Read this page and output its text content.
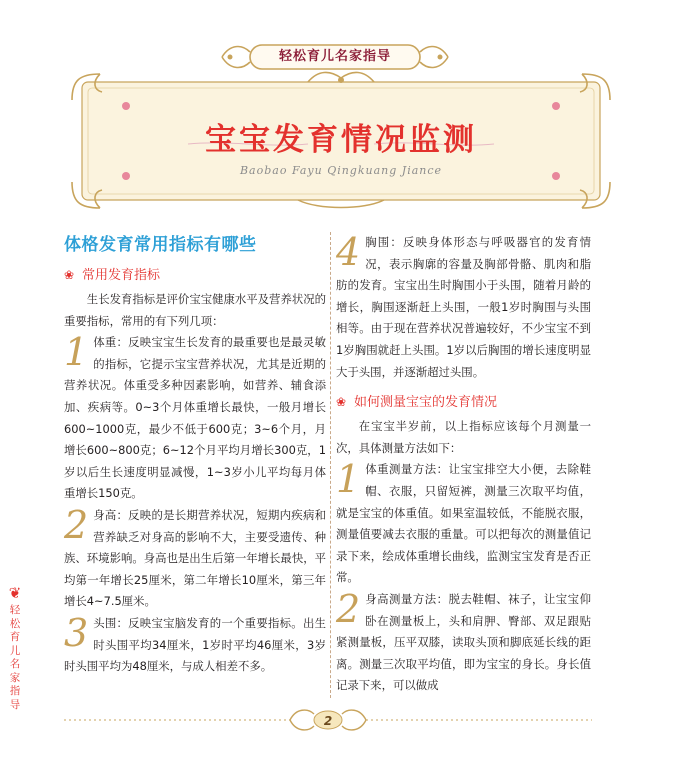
轻松育儿名家指导
宝宝发育情况监测
Baobao Fayu Qingkuang Jiance
体格发育常用指标有哪些
❀ 常用发育指标

生长发育指标是评价宝宝健康水平及营养状况的重要指标，常用的有下列几项：

1 体重：反映宝宝生长发育的最重要也是最灵敏的指标，它提示宝宝营养状况，尤其是近期的营养状况。体重受多种因素影响，如营养、辅食添加、疾病等。0~3个月体重增长最快，一般月增长600~1000克，最少不低于600克；3~6个月，月增长600~800克；6~12个月平均月增长300克，1岁以后生长速度明显减慢，1~3岁小儿平均每月体重增长150克。

2 身高：反映的是长期营养状况，短期内疾病和营养缺乏对身高的影响不大，主要受遗传、种族、环境影响。身高也是出生后第一年增长最快，平均第一年增长25厘米，第二年增长10厘米，第三年增长4~7.5厘米。

3 头围：反映宝宝脑发育的一个重要指标。出生时头围平均34厘米，1岁时平均46厘米，3岁时头围平均为48厘米，与成人相差不多。

4 胸围：反映身体形态与呼吸器官的发育情况，表示胸廓的容量及胸部骨骼、肌肉和脂肪的发育。宝宝出生时胸围小于头围，随着月龄的增长，胸围逐渐赶上头围，一般1岁时胸围与头围相等。由于现在营养状况普遍较好，不少宝宝不到1岁胸围就赶上头围。1岁以后胸围的增长速度明显大于头围，并逐渐超过头围。

❀ 如何测量宝宝的发育情况

在宝宝半岁前，以上指标应该每个月测量一次，具体测量方法如下：

1 体重测量方法：让宝宝排空大小便，去除鞋帽、衣服，只留短裤，测量三次取平均值，就是宝宝的体重值。如果室温较低，不能脱衣服，测量值要减去衣服的重量。可以把每次的测量值记录下来，绘成体重增长曲线，监测宝宝发育是否正常。

2 身高测量方法：脱去鞋帽、袜子，让宝宝仰卧在测量板上，头和肩胛、臀部、双足跟贴紧测量板，压平双膝，读取头顶和脚底延长线的距离。测量三次取平均值，即为宝宝的身长。身长值记录下来，可以做成

❦
轻松育儿名家指导
2
